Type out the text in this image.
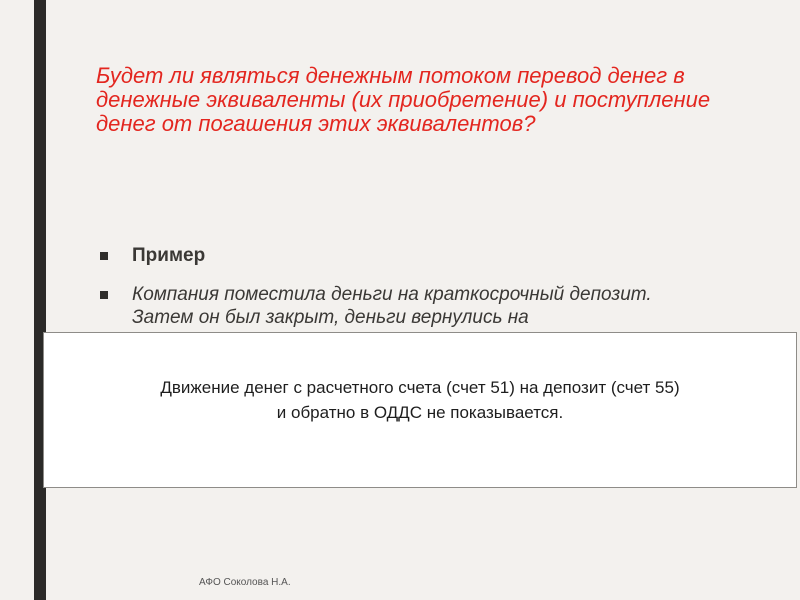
Будет ли являться денежным потоком перевод денег в денежные эквиваленты (их приобретение) и поступление денег от погашения этих эквивалентов?
Пример
Компания поместила деньги на краткосрочный депозит. Затем он был закрыт, деньги вернулись на

Движение денег с расчетного счета (счет 51) на депозит (счет 55)
и обратно в ОДДС не показывается.

АФО Соколова Н.А.
